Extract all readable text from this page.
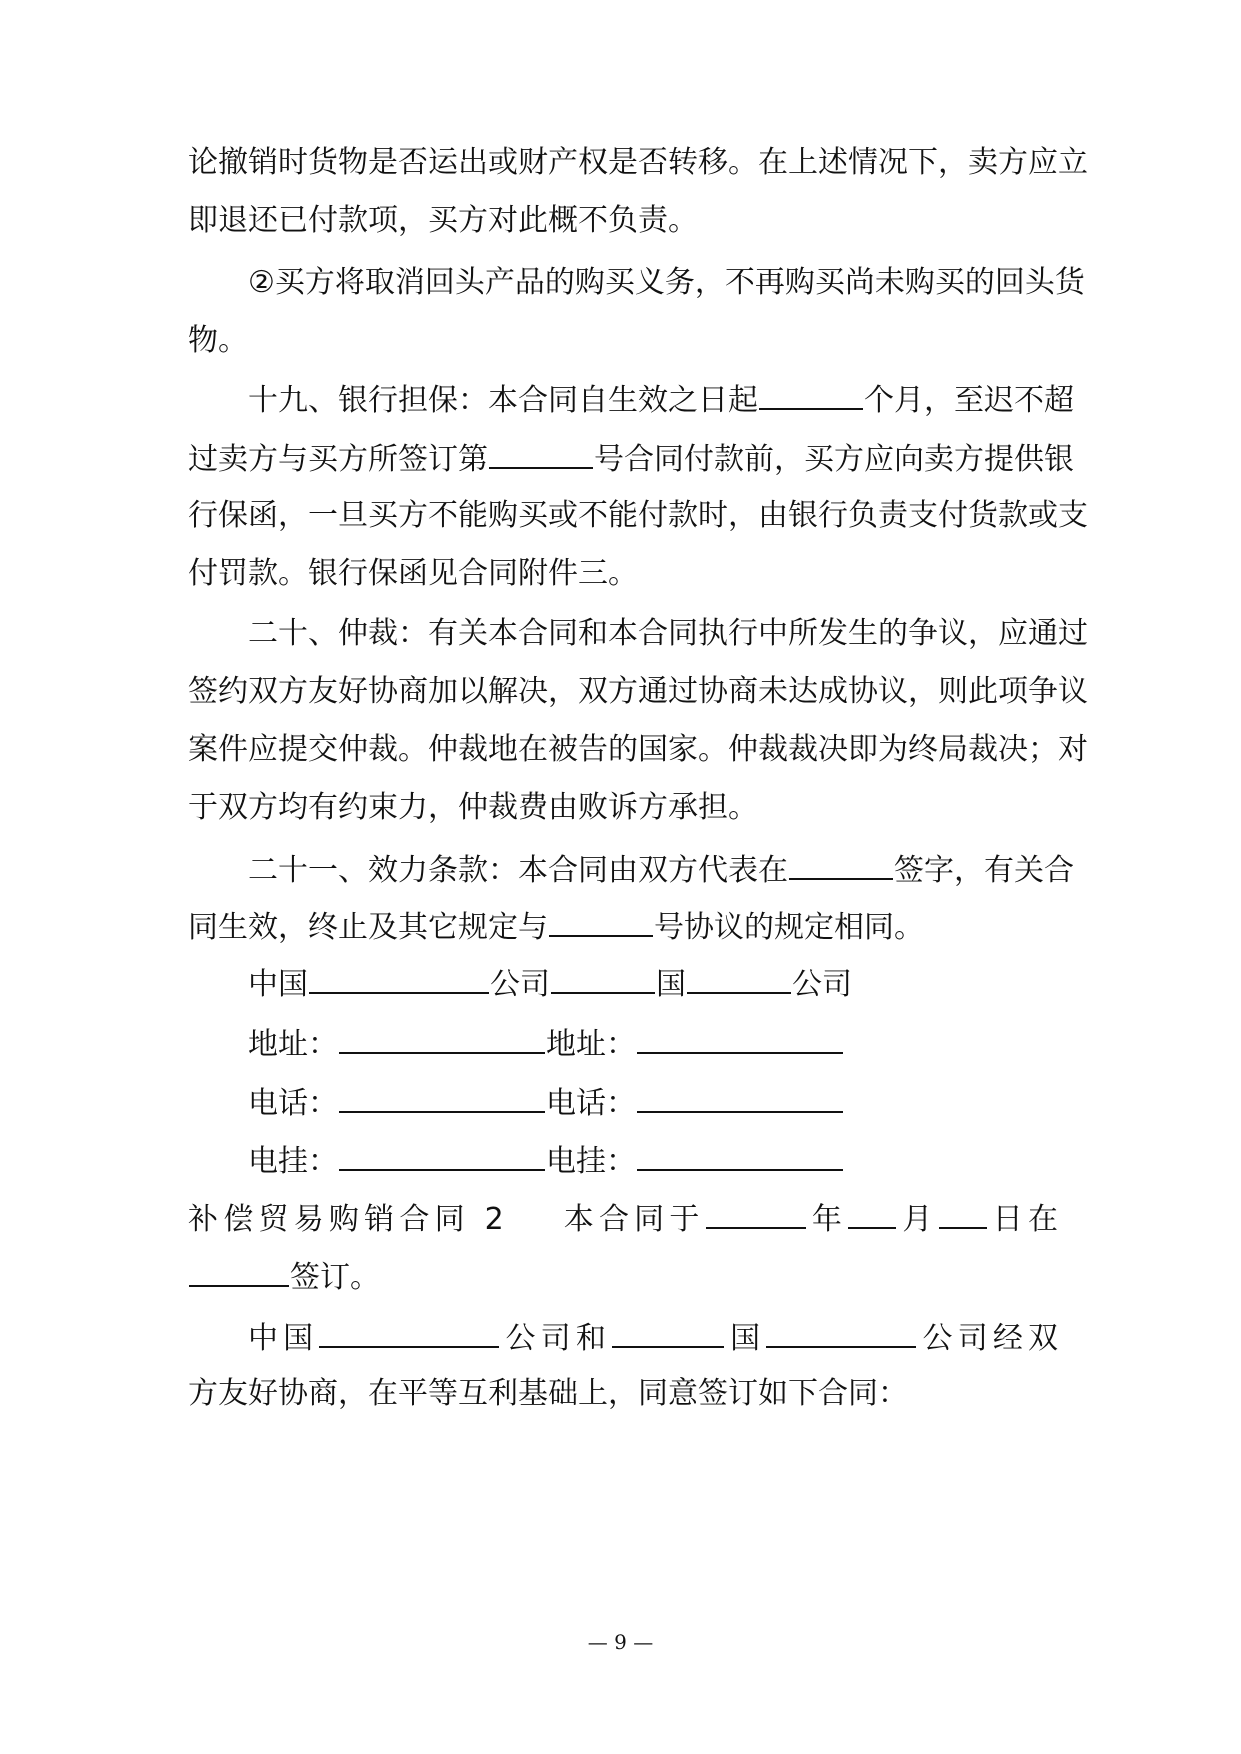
论撤销时货物是否运出或财产权是否转移。在上述情况下，卖方应立
即退还已付款项，买方对此概不负责。
②买方将取消回头产品的购买义务，不再购买尚未购买的回头货
物。
十九、银行担保：本合同自生效之日起	个月，至迟不超
过卖方与买方所签订第	号合同付款前，买方应向卖方提供银
行保函，一旦买方不能购买或不能付款时，由银行负责支付货款或支
付罚款。银行保函见合同附件三。
二十、仲裁：有关本合同和本合同执行中所发生的争议，应通过
签约双方友好协商加以解决，双方通过协商未达成协议，则此项争议
案件应提交仲裁。仲裁地在被告的国家。仲裁裁决即为终局裁决；对
于双方均有约束力，仲裁费由败诉方承担。
二十一、效力条款：本合同由双方代表在	签字，有关合
同生效，终止及其它规定与	号协议的规定相同。
中国	公司	国	公司
地址：	地址：
电话：	电话：
电挂：	电挂：
补偿贸易购销合同 2 本合同于	年 月 日在
签订。
中国	公司和	国	公司经双
方友好协商，在平等互利基础上，同意签订如下合同：
— 9 —
